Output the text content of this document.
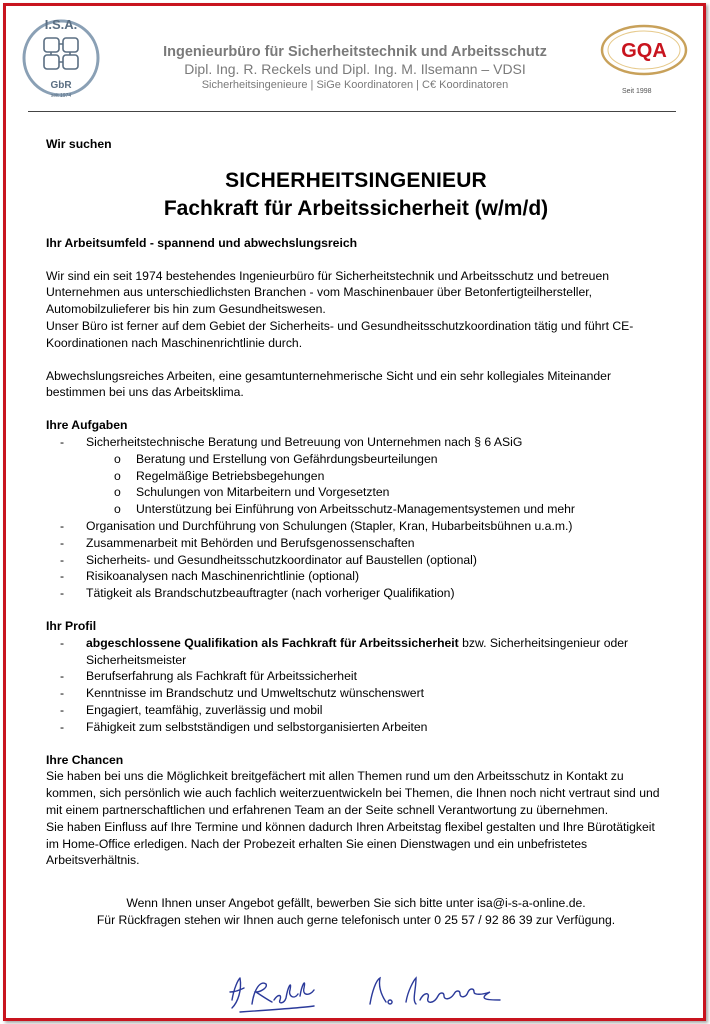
I.S.A.
GbR
seit 1974
Ingenieurbüro für Sicherheitstechnik und Arbeitsschutz
Dipl. Ing. R. Reckels und Dipl. Ing. M. Ilsemann – VDSI
Sicherheitsingenieure | SiGe Koordinatoren | C€ Koordinatoren
GQA
Seit 1998

Wir suchen

SICHERHEITSINGENIEUR

Fachkraft für Arbeitssicherheit (w/m/d)

Ihr Arbeitsumfeld - spannend und abwechslungsreich

Wir sind ein seit 1974 bestehendes Ingenieurbüro für Sicherheitstechnik und Arbeitsschutz und betreuen Unternehmen aus unterschiedlichsten Branchen - vom Maschinenbauer über Betonfertigteilhersteller, Automobilzulieferer bis hin zum Gesundheitswesen.

Unser Büro ist ferner auf dem Gebiet der Sicherheits- und Gesundheitsschutzkoordination tätig und führt CE-Koordinationen nach Maschinenrichtlinie durch.

Abwechslungsreiches Arbeiten, eine gesamtunternehmerische Sicht und ein sehr kollegiales Miteinander bestimmen bei uns das Arbeitsklima.

Ihre Aufgaben

- Sicherheitstechnische Beratung und Betreuung von Unternehmen nach § 6 ASiG
o Beratung und Erstellung von Gefährdungsbeurteilungen
o Regelmäßige Betriebsbegehungen
o Schulungen von Mitarbeitern und Vorgesetzten
o Unterstützung bei Einführung von Arbeitsschutz-Managementsystemen und mehr
- Organisation und Durchführung von Schulungen (Stapler, Kran, Hubarbeitsbühnen u.a.m.)
- Zusammenarbeit mit Behörden und Berufsgenossenschaften
- Sicherheits- und Gesundheitsschutzkoordinator auf Baustellen (optional)
- Risikoanalysen nach Maschinenrichtlinie (optional)
- Tätigkeit als Brandschutzbeauftragter (nach vorheriger Qualifikation)

Ihr Profil

- abgeschlossene Qualifikation als Fachkraft für Arbeitssicherheit bzw. Sicherheitsingenieur oder Sicherheitsmeister
- Berufserfahrung als Fachkraft für Arbeitssicherheit
- Kenntnisse im Brandschutz und Umweltschutz wünschenswert
- Engagiert, teamfähig, zuverlässig und mobil
- Fähigkeit zum selbstständigen und selbstorganisierten Arbeiten

Ihre Chancen

Sie haben bei uns die Möglichkeit breitgefächert mit allen Themen rund um den Arbeitsschutz in Kontakt zu kommen, sich persönlich wie auch fachlich weiterzuentwickeln bei Themen, die Ihnen noch nicht vertraut sind und mit einem partnerschaftlichen und erfahrenen Team an der Seite schnell Verantwortung zu übernehmen.

Sie haben Einfluss auf Ihre Termine und können dadurch Ihren Arbeitstag flexibel gestalten und Ihre Bürotätigkeit im Home-Office erledigen. Nach der Probezeit erhalten Sie einen Dienstwagen und ein unbefristetes Arbeitsverhältnis.

Wenn Ihnen unser Angebot gefällt, bewerben Sie sich bitte unter isa@i-s-a-online.de.

Für Rückfragen stehen wir Ihnen auch gerne telefonisch unter 0 25 57 / 92 86 39 zur Verfügung.

R. Reckels	M. Ilsemann
